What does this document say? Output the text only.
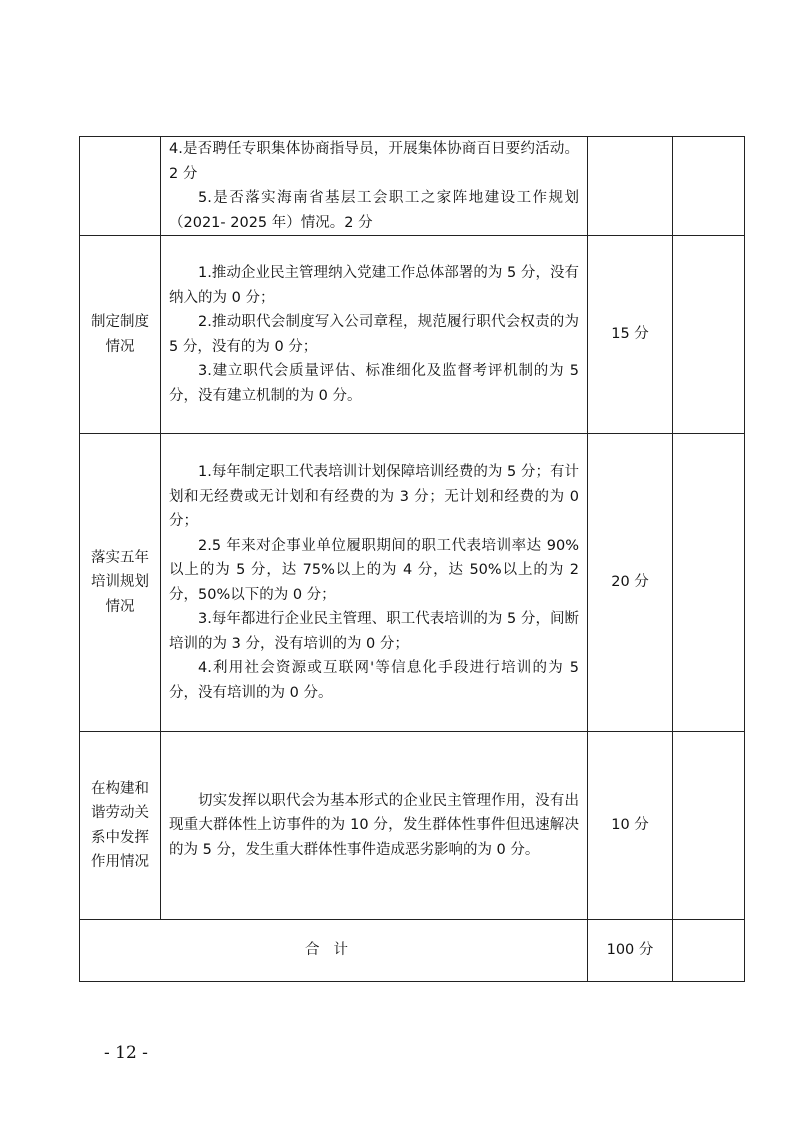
	4.是否聘任专职集体协商指导员，开展集体协商百日要约活动。2 分

5.是否落实海南省基层工会职工之家阵地建设工作规划（2021- 2025 年）情况。2 分		

制定制度情况	1.推动企业民主管理纳入党建工作总体部署的为 5 分，没有纳入的为 0 分；

2.推动职代会制度写入公司章程，规范履行职代会权责的为 5 分，没有的为 0 分；

3.建立职代会质量评估、标准细化及监督考评机制的为 5 分，没有建立机制的为 0 分。	15 分	

落实五年培训规划情况	1.每年制定职工代表培训计划保障培训经费的为 5 分；有计划和无经费或无计划和有经费的为 3 分；无计划和经费的为 0 分；

2.5 年来对企事业单位履职期间的职工代表培训率达 90%以上的为 5 分，达 75%以上的为 4 分，达 50%以上的为 2 分，50%以下的为 0 分；

3.每年都进行企业民主管理、职工代表培训的为 5 分，间断培训的为 3 分，没有培训的为 0 分；

4.利用社会资源或互联网'等信息化手段进行培训的为 5 分，没有培训的为 0 分。	20 分	

在构建和谐劳动关系中发挥作用情况	切实发挥以职代会为基本形式的企业民主管理作用，没有出现重大群体性上访事件的为 10 分，发生群体性事件但迅速解决的为 5 分，发生重大群体性事件造成恶劣影响的为 0 分。	10 分	
合计		100 分	
- 12 -
